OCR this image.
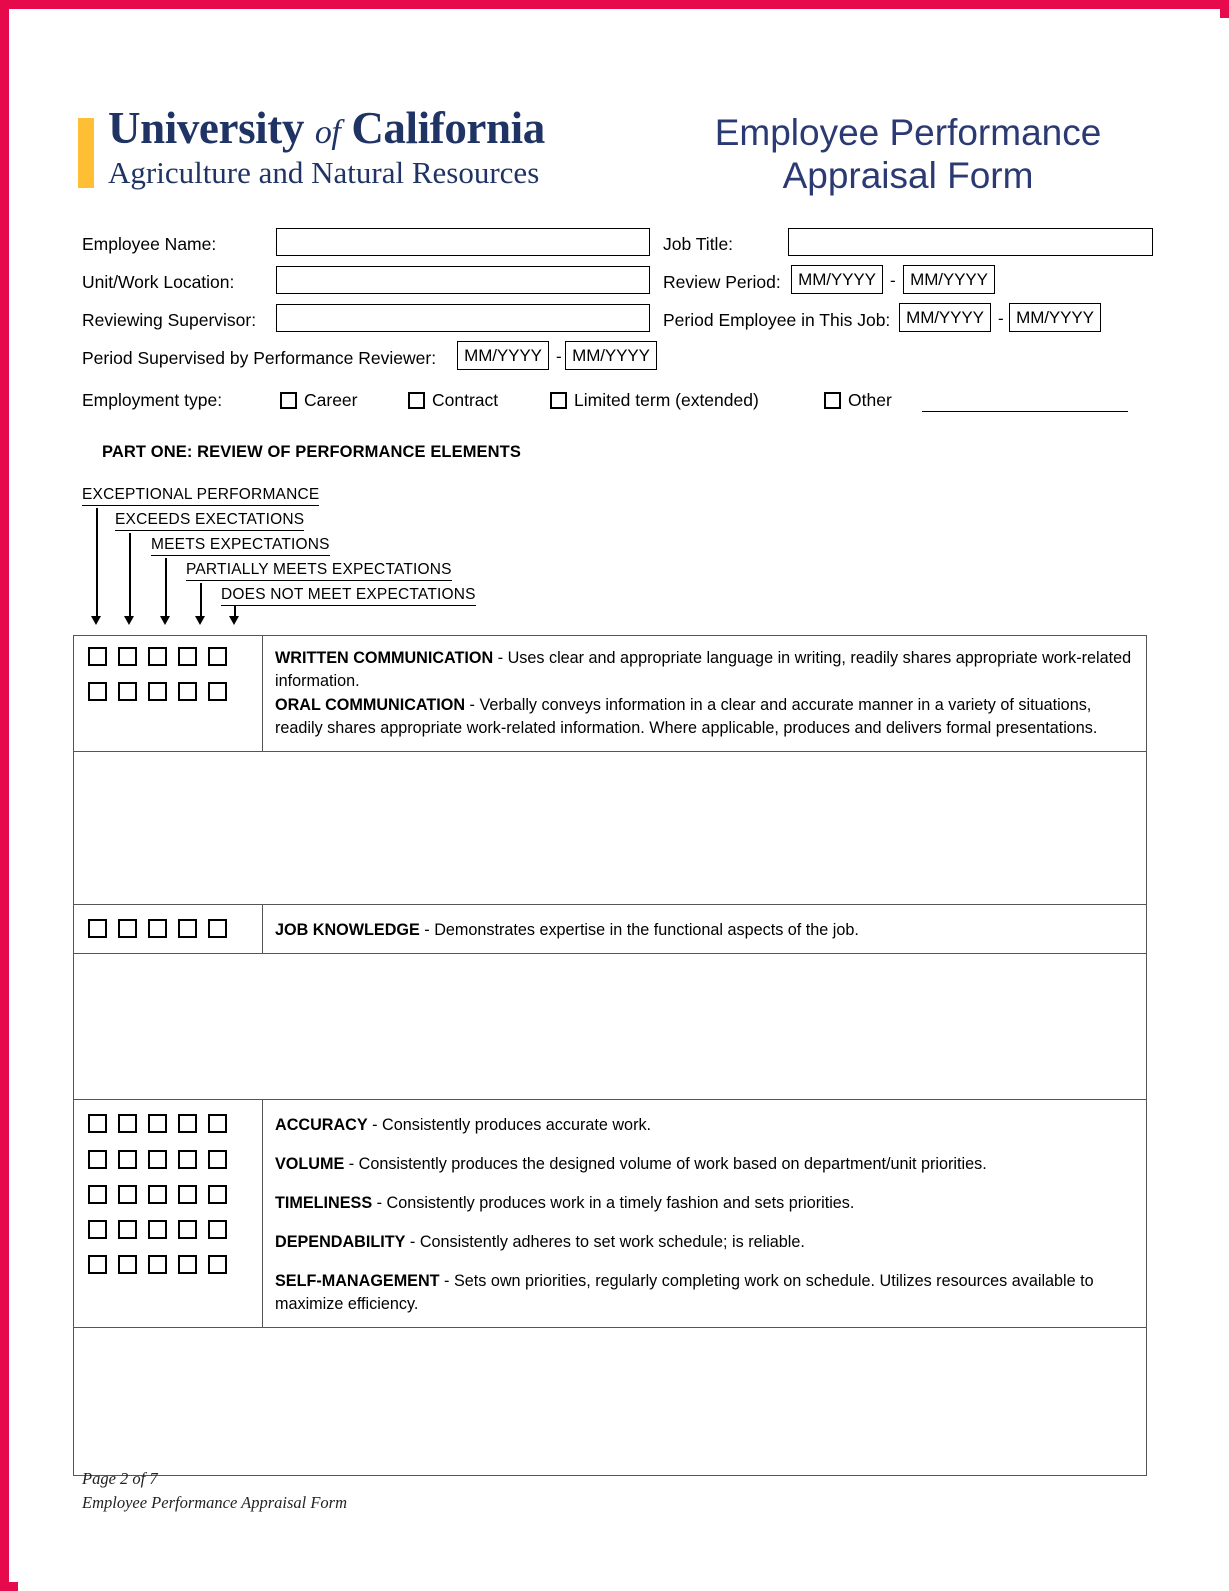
University of California
Agriculture and Natural Resources
Employee Performance Appraisal Form
Employee Name:	Job Title:
Unit/Work Location:	Review Period:	MM/YYYY - MM/YYYY
Reviewing Supervisor:	Period Employee in This Job: MM/YYYY - MM/YYYY
Period Supervised by Performance Reviewer:	MM/YYYY - MM/YYYY
Employment type:	Career	Contract	Limited term (extended)	Other
PART ONE: REVIEW OF PERFORMANCE ELEMENTS
EXCEPTIONAL PERFORMANCE
EXCEEDS EXECTATIONS
MEETS EXPECTATIONS
PARTIALLY MEETS EXPECTATIONS
DOES NOT MEET EXPECTATIONS

WRITTEN COMMUNICATION - Uses clear and appropriate language in writing, readily shares appropriate work-related information.

ORAL COMMUNICATION - Verbally conveys information in a clear and accurate manner in a variety of situations, readily shares appropriate work-related information. Where applicable, produces and delivers formal presentations.

JOB KNOWLEDGE - Demonstrates expertise in the functional aspects of the job.

ACCURACY - Consistently produces accurate work.

VOLUME - Consistently produces the designed volume of work based on department/unit priorities.

TIMELINESS - Consistently produces work in a timely fashion and sets priorities.

DEPENDABILITY - Consistently adheres to set work schedule; is reliable.

SELF-MANAGEMENT - Sets own priorities, regularly completing work on schedule. Utilizes resources available to maximize efficiency.

Page 2 of 7
Employee Performance Appraisal Form
